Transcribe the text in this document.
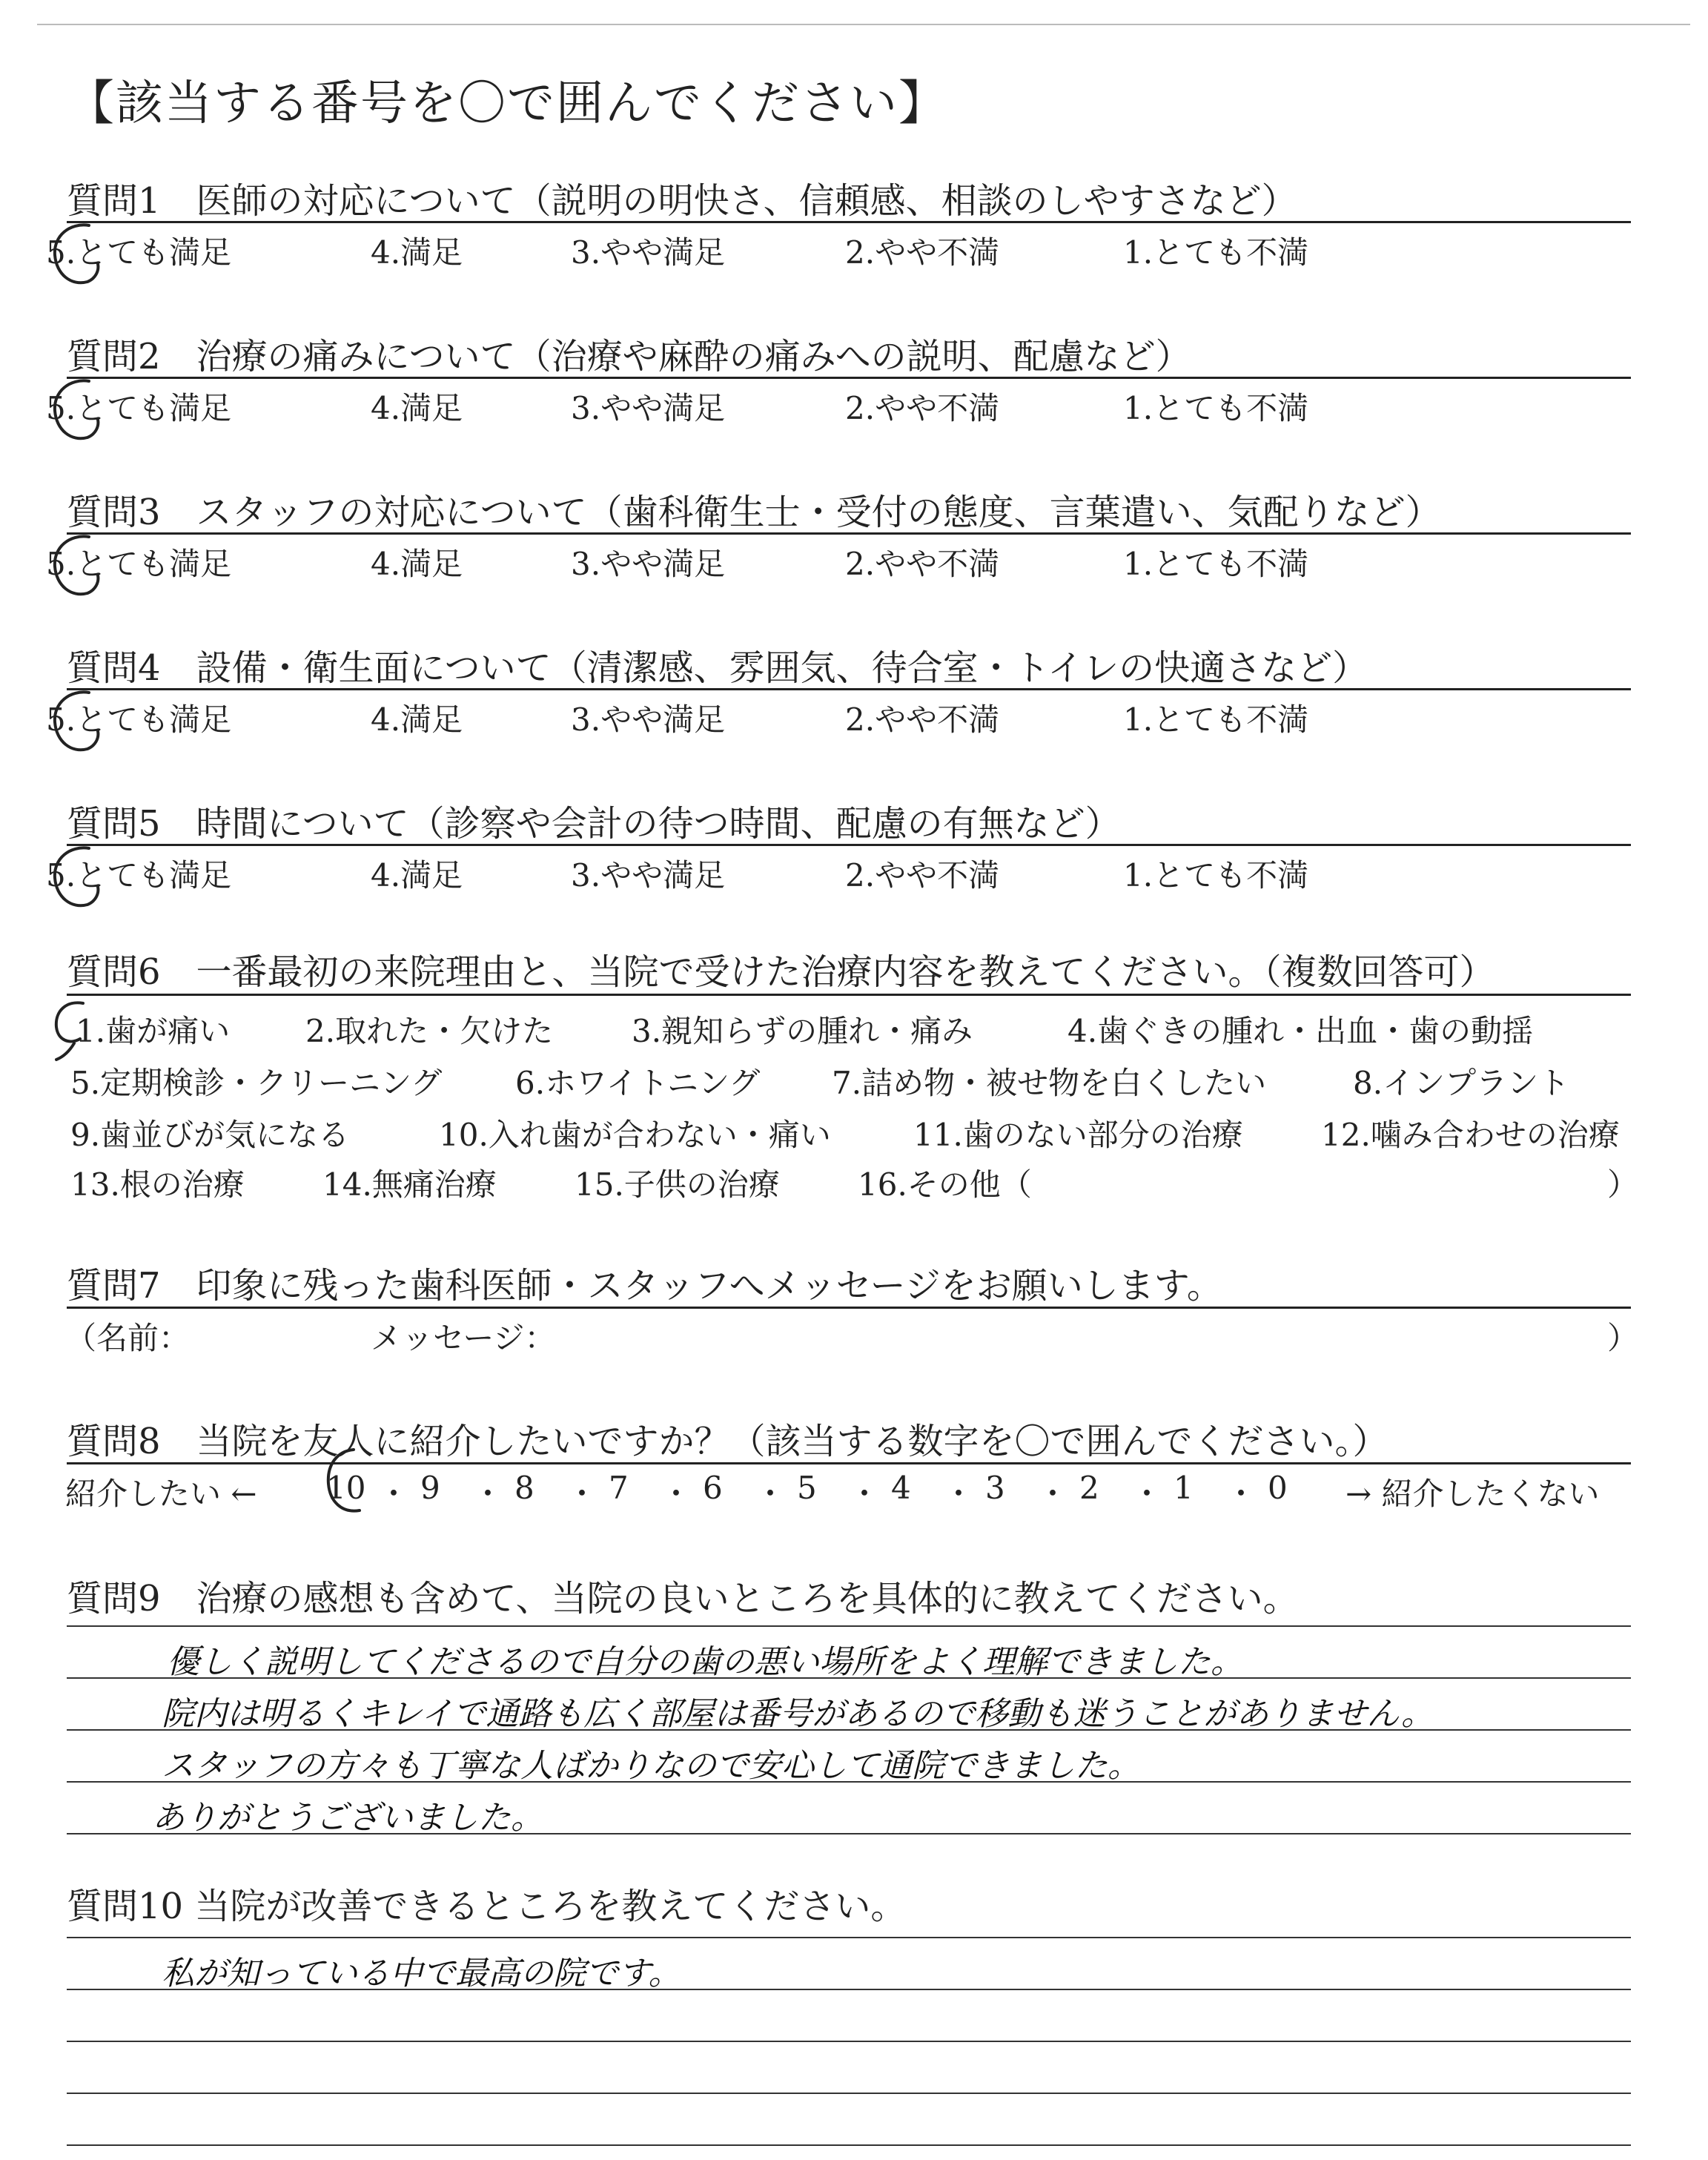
【該当する番号を〇で囲んでください】
質問1　医師の対応について（説明の明快さ、信頼感、相談のしやすさなど）
5.とても満足	4.満足	3.やや満足	2.やや不満	1.とても不満
質問2　治療の痛みについて（治療や麻酔の痛みへの説明、配慮など）
5.とても満足	4.満足	3.やや満足	2.やや不満	1.とても不満
質問3　スタッフの対応について（歯科衛生士・受付の態度、言葉遣い、気配りなど）
5.とても満足	4.満足	3.やや満足	2.やや不満	1.とても不満
質問4　設備・衛生面について（清潔感、雰囲気、待合室・トイレの快適さなど）
5.とても満足	4.満足	3.やや満足	2.やや不満	1.とても不満
質問5　時間について（診察や会計の待つ時間、配慮の有無など）
5.とても満足	4.満足	3.やや満足	2.やや不満	1.とても不満
質問6　一番最初の来院理由と、当院で受けた治療内容を教えてください。（複数回答可）
1.歯が痛い 2.取れた・欠けた	3.親知らずの腫れ・痛み	4.歯ぐきの腫れ・出血・歯の動揺
5.定期検診・クリーニング 6.ホワイトニング 7.詰め物・被せ物を白くしたい	8.インプラント
9.歯並びが気になる	10.入れ歯が合わない・痛い	11.歯のない部分の治療	12.噛み合わせの治療
13.根の治療	14.無痛治療	15.子供の治療	16.その他（	）
質問7　印象に残った歯科医師・スタッフへメッセージをお願いします。
（名前：	メッセージ：	）
質問8　当院を友人に紹介したいですか？（該当する数字を〇で囲んでください。）
紹介したい ← 10 ・ 9 ・ 8 ・ 7 ・ 6 ・ 5 ・ 4 ・ 3 ・ 2 ・ 1 ・ 0 → 紹介したくない
質問9　治療の感想も含めて、当院の良いところを具体的に教えてください。
優しく説明してくださるので自分の歯の悪い場所をよく理解できました。
院内は明るくキレイで通路も広く部屋は番号があるので移動も迷うことがありません。
スタッフの方々も丁寧な人ばかりなので安心して通院できました。
ありがとうございました。
質問10 当院が改善できるところを教えてください。
私が知っている中で最高の院です。
